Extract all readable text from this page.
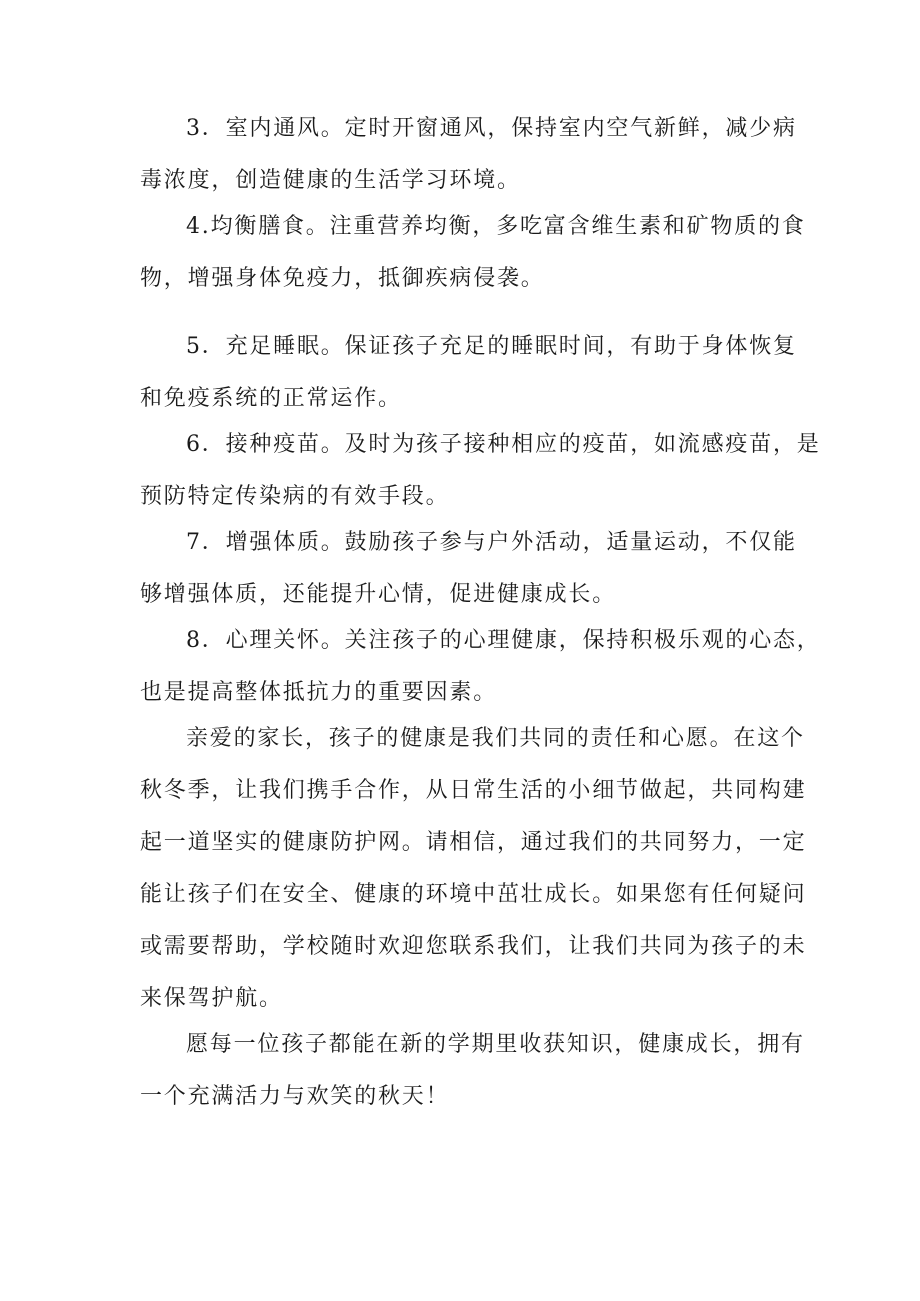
3．室内通风。定时开窗通风，保持室内空气新鲜，减少病
毒浓度，创造健康的生活学习环境。

4.均衡膳食。注重营养均衡，多吃富含维生素和矿物质的食
物，增强身体免疫力，抵御疾病侵袭。

5．充足睡眠。保证孩子充足的睡眠时间，有助于身体恢复
和免疫系统的正常运作。

6．接种疫苗。及时为孩子接种相应的疫苗，如流感疫苗，是
预防特定传染病的有效手段。

7．增强体质。鼓励孩子参与户外活动，适量运动，不仅能
够增强体质，还能提升心情，促进健康成长。

8．心理关怀。关注孩子的心理健康，保持积极乐观的心态，
也是提高整体抵抗力的重要因素。

亲爱的家长，孩子的健康是我们共同的责任和心愿。在这个
秋冬季，让我们携手合作，从日常生活的小细节做起，共同构建
起一道坚实的健康防护网。请相信，通过我们的共同努力，一定
能让孩子们在安全、健康的环境中茁壮成长。如果您有任何疑问
或需要帮助，学校随时欢迎您联系我们，让我们共同为孩子的未
来保驾护航。

愿每一位孩子都能在新的学期里收获知识，健康成长，拥有
一个充满活力与欢笑的秋天！
